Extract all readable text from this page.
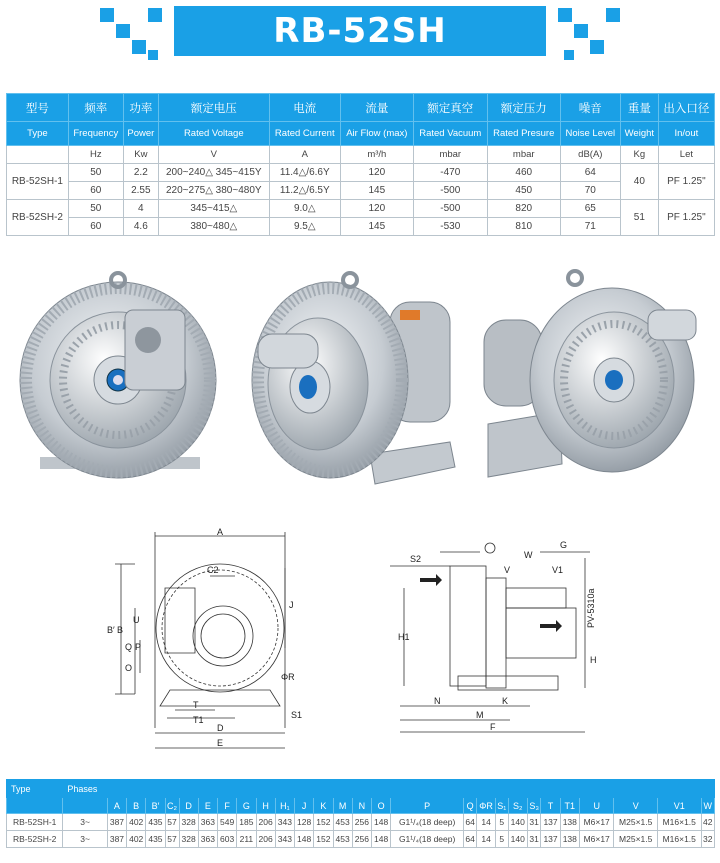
RB-52SH
型号	频率	功率	额定电压	电流	流量	额定真空	额定压力	噪音	重量	出入口径
Type	Frequency	Power	Rated Voltage	Rated Current	Air Flow (max)	Rated Vacuum	Rated Presure	Noise Level	Weight	In/out
	Hz	Kw	V	A	m³/h	mbar	mbar	dB(A)	Kg	Let
RB-52SH-1	50	2.2	200~240△ 345~415Y	11.4△/6.6Y	120	-470	460	64	40	PF 1.25"
	60	2.55	220~275△ 380~480Y	11.2△/6.5Y	145	-500	450	70		
RB-52SH-2	50	4	345~415△	9.0△	120	-500	820	65	51	PF 1.25"
	60	4.6	380~480△	9.5△	145	-530	810	71		
A
C2
B′ B
J
U
Q P
O
T
T1
D
E
S1
ΦR
S2	W
G
V	V1
PV-5310a
H1
H
N	K
M
F
Type	Phases																											
		A	B	B′	C₂	D	E	F	G	H	H₁	J	K	M	N	O	P	Q	ΦR	S₁	S₂	S₃	T	T1	U	V	V1	W
RB-52SH-1	3~	387	402	435	57	328	363	549	185	206	343	128	152	453	256	148	G1¹/₄(18 deep)	64	14	5	140	31	137	138	M6×17	M25×1.5	M16×1.5	42
RB-52SH-2	3~	387	402	435	57	328	363	603	211	206	343	148	152	453	256	148	G1¹/₄(18 deep)	64	14	5	140	31	137	138	M6×17	M25×1.5	M16×1.5	32
